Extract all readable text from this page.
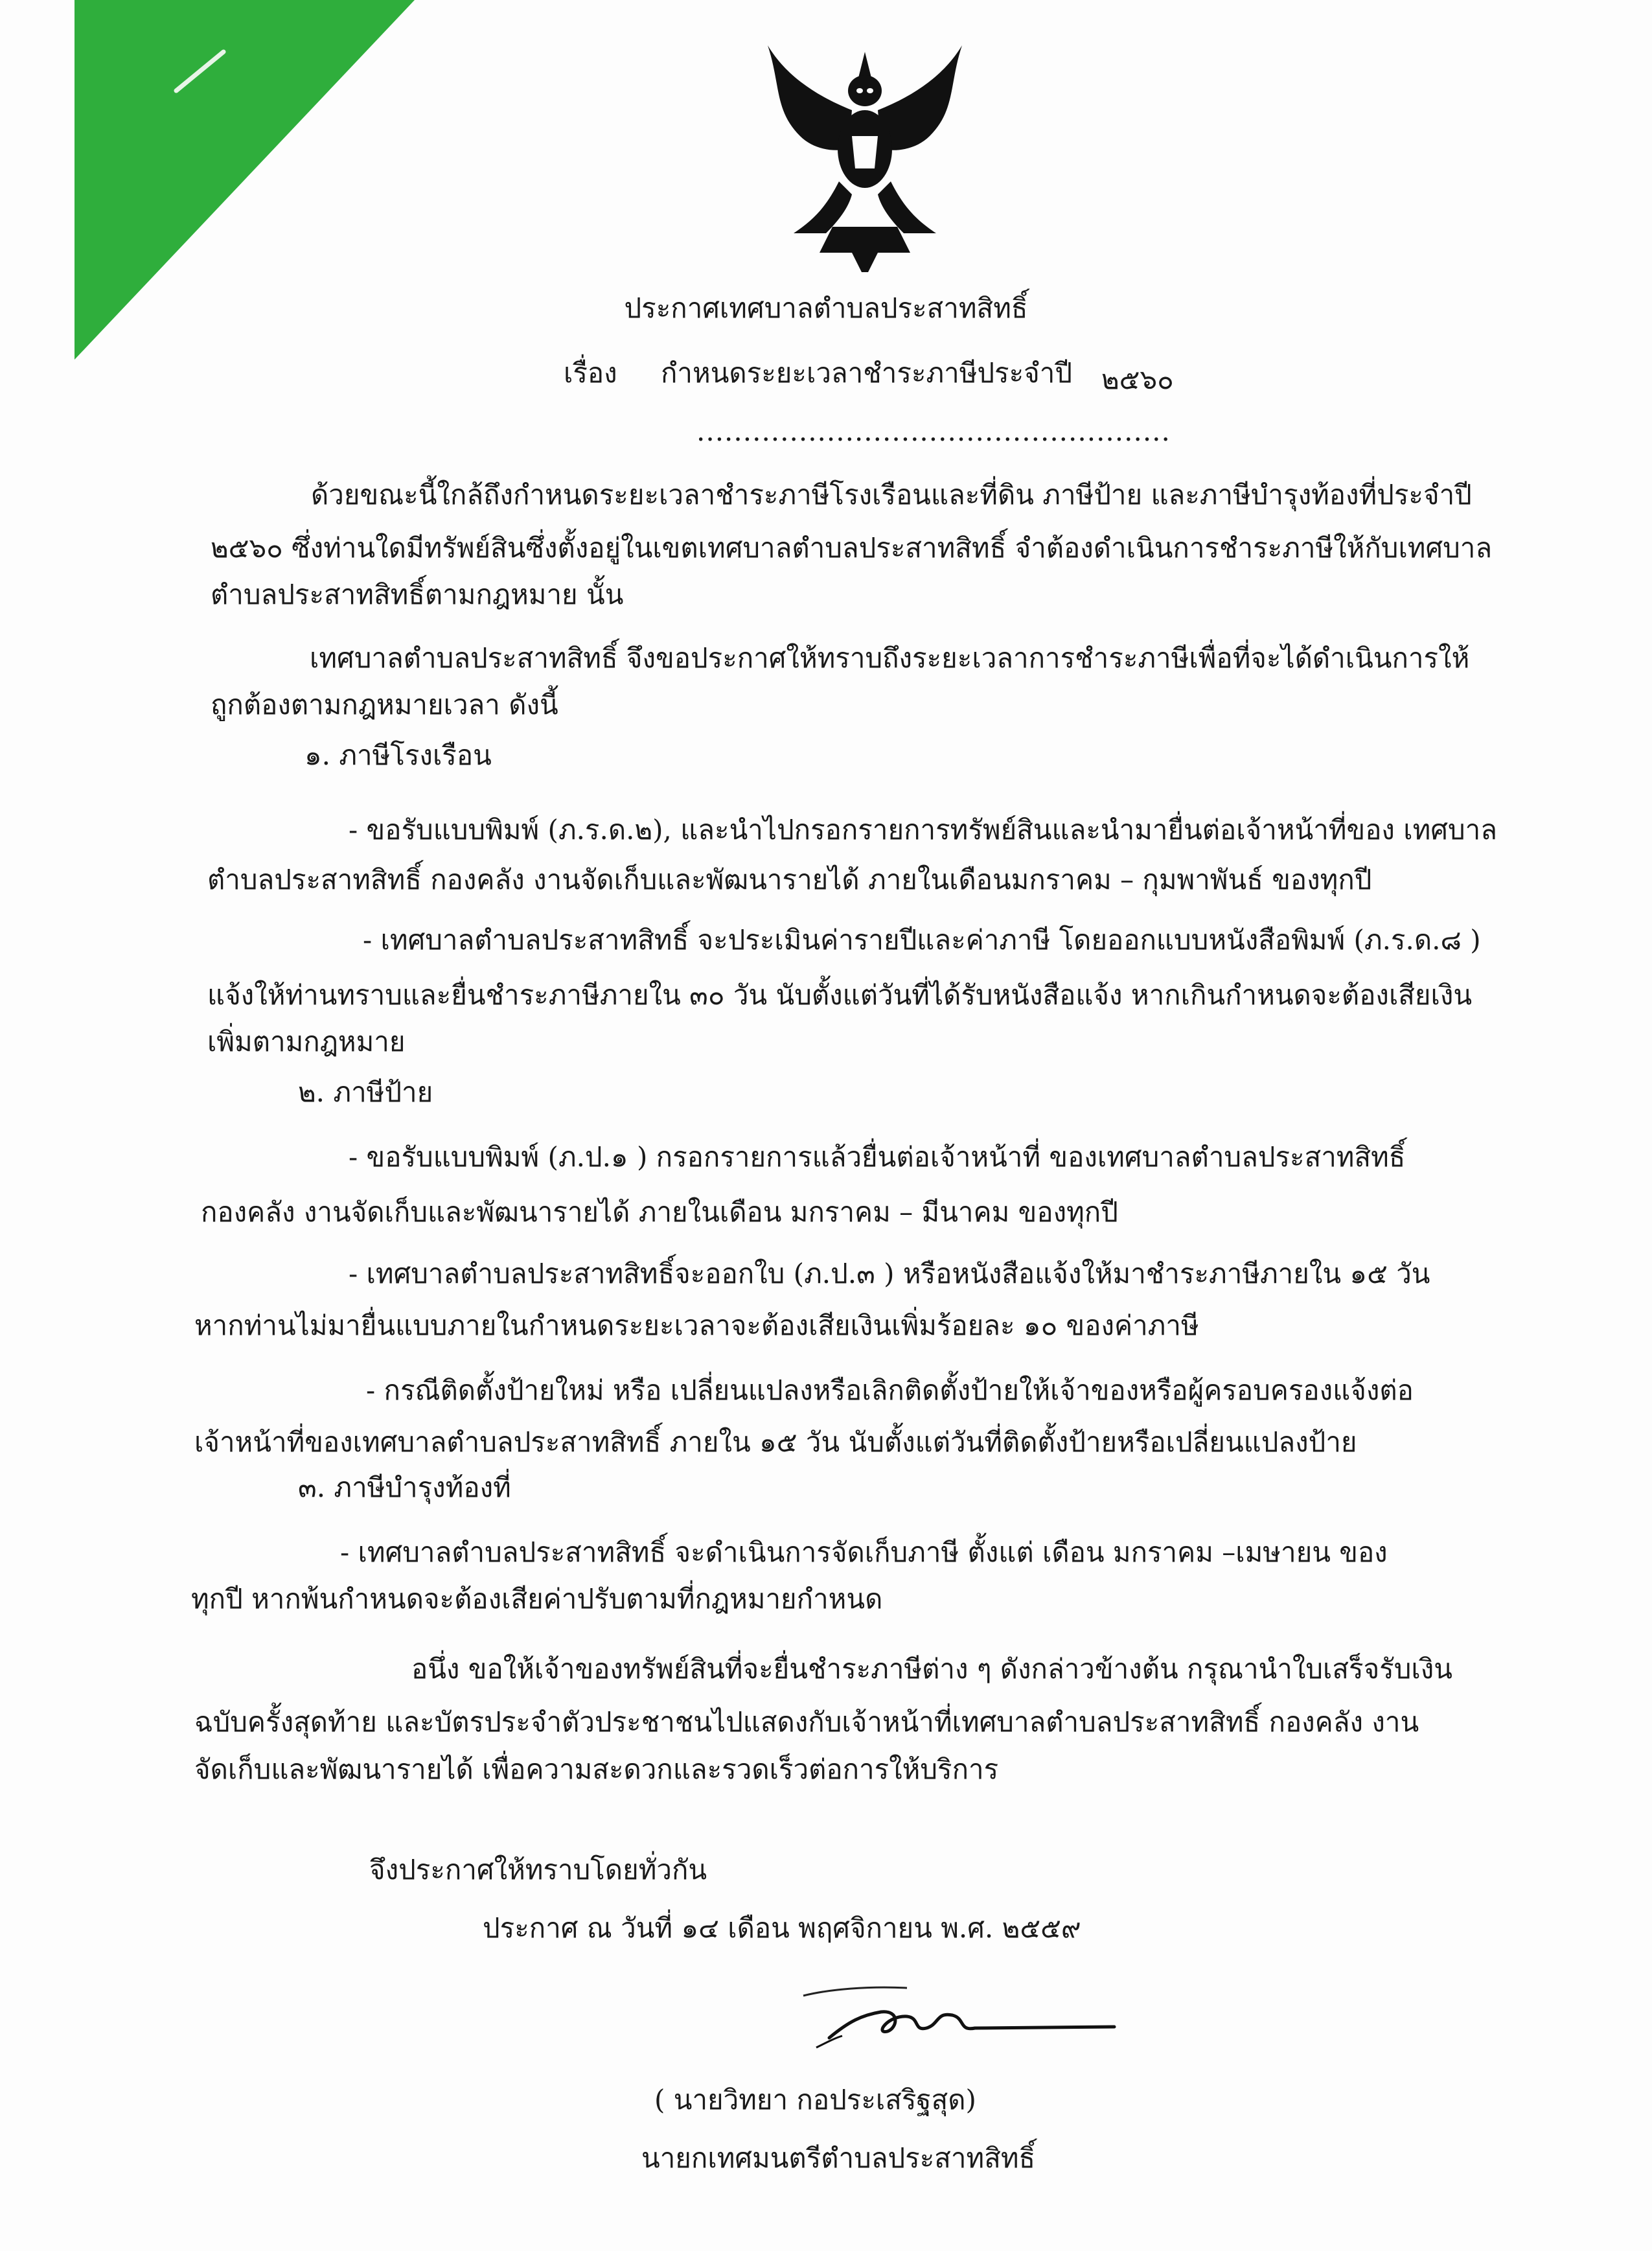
ประกาศเทศบาลตำบลประสาทสิทธิ์
เรื่อง กำหนดระยะเวลาชำระภาษีประจำปี ๒๕๖๐
...................................................
ด้วยขณะนี้ใกล้ถึงกำหนดระยะเวลาชำระภาษีโรงเรือนและที่ดิน ภาษีป้าย และภาษีบำรุงท้องที่ประจำปี
๒๕๖๐ ซึ่งท่านใดมีทรัพย์สินซึ่งตั้งอยู่ในเขตเทศบาลตำบลประสาทสิทธิ์ จำต้องดำเนินการชำระภาษีให้กับเทศบาล
ตำบลประสาทสิทธิ์ตามกฎหมาย นั้น
เทศบาลตำบลประสาทสิทธิ์ จึงขอประกาศให้ทราบถึงระยะเวลาการชำระภาษีเพื่อที่จะได้ดำเนินการให้
ถูกต้องตามกฎหมายเวลา ดังนี้
๑. ภาษีโรงเรือน
- ขอรับแบบพิมพ์ (ภ.ร.ด.๒), และนำไปกรอกรายการทรัพย์สินและนำมายื่นต่อเจ้าหน้าที่ของ เทศบาล
ตำบลประสาทสิทธิ์ กองคลัง งานจัดเก็บและพัฒนารายได้ ภายในเดือนมกราคม – กุมพาพันธ์ ของทุกปี
- เทศบาลตำบลประสาทสิทธิ์ จะประเมินค่ารายปีและค่าภาษี โดยออกแบบหนังสือพิมพ์ (ภ.ร.ด.๘ )
แจ้งให้ท่านทราบและยื่นชำระภาษีภายใน ๓๐ วัน นับตั้งแต่วันที่ได้รับหนังสือแจ้ง หากเกินกำหนดจะต้องเสียเงิน
เพิ่มตามกฎหมาย
๒. ภาษีป้าย
- ขอรับแบบพิมพ์ (ภ.ป.๑ ) กรอกรายการแล้วยื่นต่อเจ้าหน้าที่ ของเทศบาลตำบลประสาทสิทธิ์
กองคลัง งานจัดเก็บและพัฒนารายได้ ภายในเดือน มกราคม – มีนาคม ของทุกปี
- เทศบาลตำบลประสาทสิทธิ์จะออกใบ (ภ.ป.๓ ) หรือหนังสือแจ้งให้มาชำระภาษีภายใน ๑๕ วัน
หากท่านไม่มายื่นแบบภายในกำหนดระยะเวลาจะต้องเสียเงินเพิ่มร้อยละ ๑๐ ของค่าภาษี
- กรณีติดตั้งป้ายใหม่ หรือ เปลี่ยนแปลงหรือเลิกติดตั้งป้ายให้เจ้าของหรือผู้ครอบครองแจ้งต่อ
เจ้าหน้าที่ของเทศบาลตำบลประสาทสิทธิ์ ภายใน ๑๕ วัน นับตั้งแต่วันที่ติดตั้งป้ายหรือเปลี่ยนแปลงป้าย
๓. ภาษีบำรุงท้องที่
- เทศบาลตำบลประสาทสิทธิ์ จะดำเนินการจัดเก็บภาษี ตั้งแต่ เดือน มกราคม –เมษายน ของ
ทุกปี หากพ้นกำหนดจะต้องเสียค่าปรับตามที่กฎหมายกำหนด
อนึ่ง ขอให้เจ้าของทรัพย์สินที่จะยื่นชำระภาษีต่าง ๆ ดังกล่าวข้างต้น กรุณานำใบเสร็จรับเงิน
ฉบับครั้งสุดท้าย และบัตรประจำตัวประชาชนไปแสดงกับเจ้าหน้าที่เทศบาลตำบลประสาทสิทธิ์ กองคลัง งาน
จัดเก็บและพัฒนารายได้ เพื่อความสะดวกและรวดเร็วต่อการให้บริการ
จึงประกาศให้ทราบโดยทั่วกัน
ประกาศ ณ วันที่ ๑๔ เดือน พฤศจิกายน พ.ศ. ๒๕๕๙
( นายวิทยา กอประเสริฐสุด)
นายกเทศมนตรีตำบลประสาทสิทธิ์
